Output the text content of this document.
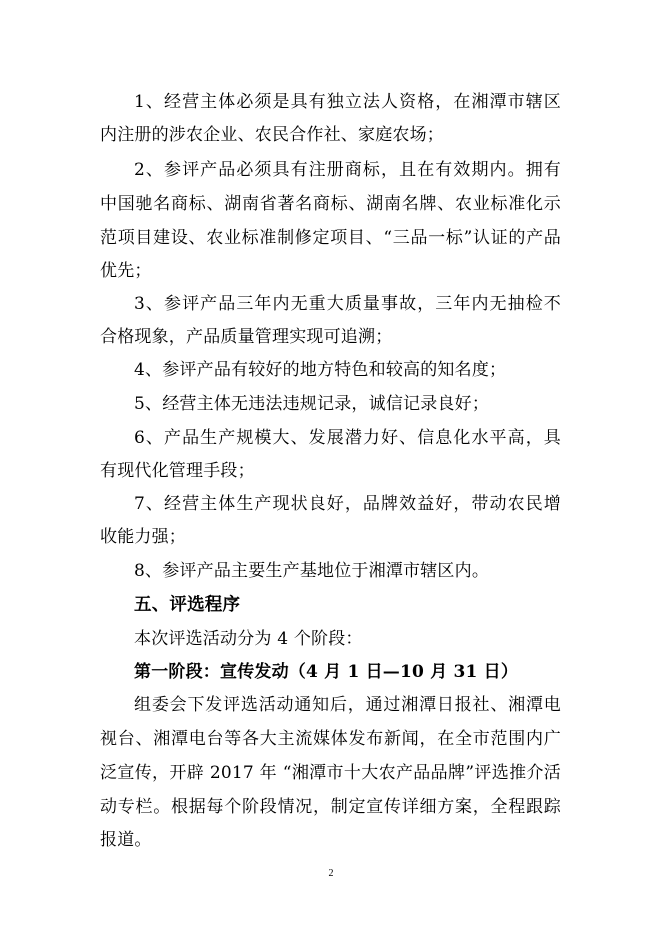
1、经营主体必须是具有独立法人资格，在湘潭市辖区
内注册的涉农企业、农民合作社、家庭农场；
2、参评产品必须具有注册商标，且在有效期内。拥有
中国驰名商标、湖南省著名商标、湖南名牌、农业标准化示
范项目建设、农业标准制修定项目、“三品一标”认证的产品
优先；
3、参评产品三年内无重大质量事故，三年内无抽检不
合格现象，产品质量管理实现可追溯；
4、参评产品有较好的地方特色和较高的知名度；
5、经营主体无违法违规记录，诚信记录良好；
6、产品生产规模大、发展潜力好、信息化水平高，具
有现代化管理手段；
7、经营主体生产现状良好，品牌效益好，带动农民增
收能力强；
8、参评产品主要生产基地位于湘潭市辖区内。
五、评选程序
本次评选活动分为 4 个阶段：
第一阶段：宣传发动（4 月 1 日—10 月 31 日）
组委会下发评选活动通知后，通过湘潭日报社、湘潭电
视台、湘潭电台等各大主流媒体发布新闻，在全市范围内广
泛宣传，开辟 2017 年 “湘潭市十大农产品品牌”评选推介活
动专栏。根据每个阶段情况，制定宣传详细方案，全程跟踪
报道。
2
